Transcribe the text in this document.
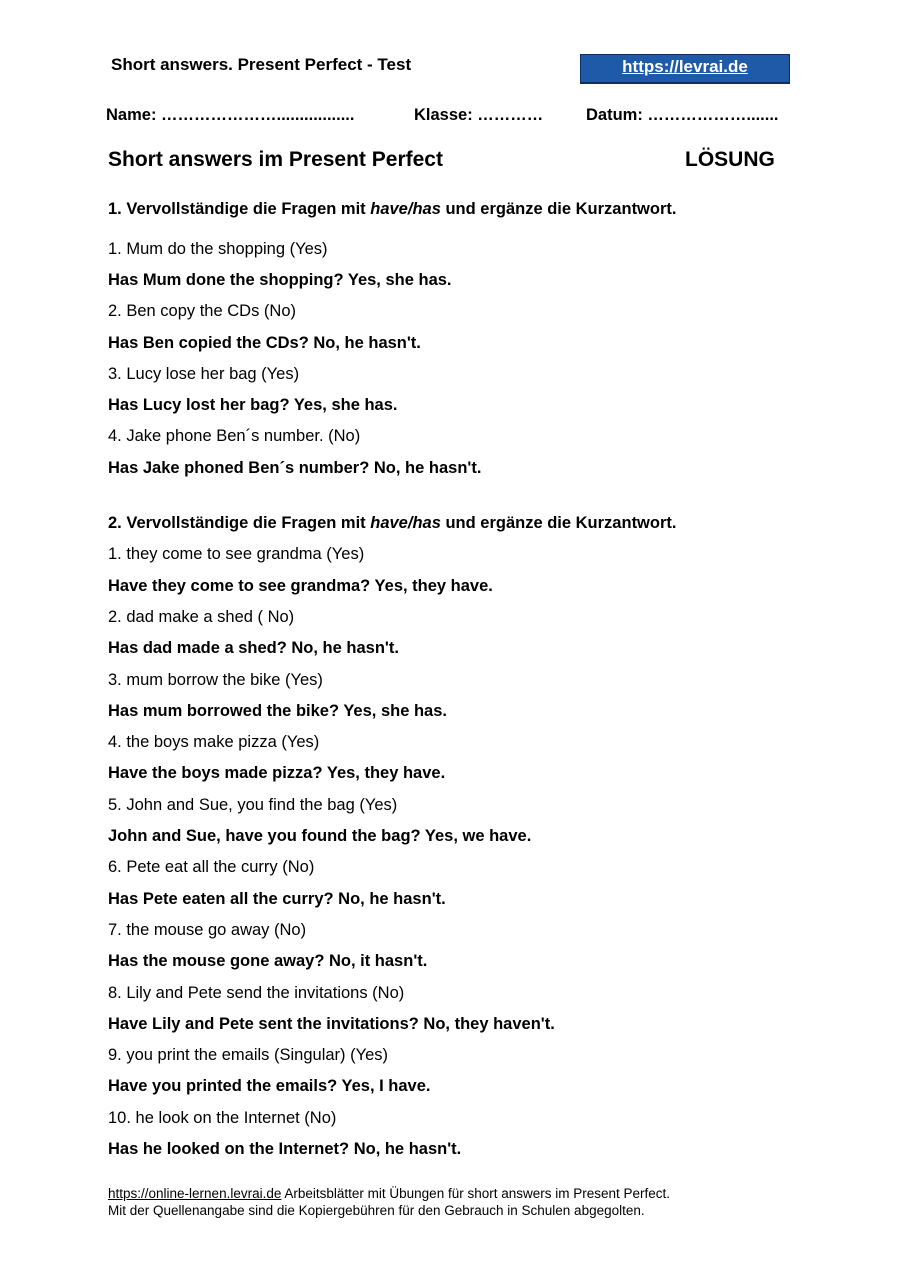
Short answers. Present Perfect - Test	https://levrai.de
Name: ………………….................	Klasse: …………	Datum: ……………….......
Short answers im Present Perfect	LÖSUNG
1. Vervollständige die Fragen mit have/has und ergänze die Kurzantwort.
1. Mum do the shopping (Yes)
Has Mum done the shopping? Yes, she has.
2. Ben copy the CDs (No)
Has Ben copied the CDs? No, he hasn't.
3. Lucy lose her bag (Yes)
Has Lucy lost her bag? Yes, she has.
4. Jake phone Ben´s number. (No)
Has Jake phoned Ben´s number? No, he hasn't.
2. Vervollständige die Fragen mit have/has und ergänze die Kurzantwort.
1. they come to see grandma (Yes)
Have they come to see grandma? Yes, they have.
2. dad make a shed ( No)
Has dad made a shed? No, he hasn't.
3. mum borrow the bike (Yes)
Has mum borrowed the bike? Yes, she has.
4. the boys make pizza (Yes)
Have the boys made pizza? Yes, they have.
5. John and Sue, you find the bag (Yes)
John and Sue, have you found the bag? Yes, we have.
6. Pete eat all the curry (No)
Has Pete eaten all the curry? No, he hasn't.
7. the mouse go away (No)
Has the mouse gone away? No, it hasn't.
8. Lily and Pete send the invitations (No)
Have Lily and Pete sent the invitations? No, they haven't.
9. you print the emails (Singular) (Yes)
Have you printed the emails? Yes, I have.
10. he look on the Internet (No)
Has he looked on the Internet? No, he hasn't.
https://online-lernen.levrai.de Arbeitsblätter mit Übungen für short answers im Present Perfect.
Mit der Quellenangabe sind die Kopiergebühren für den Gebrauch in Schulen abgegolten.
